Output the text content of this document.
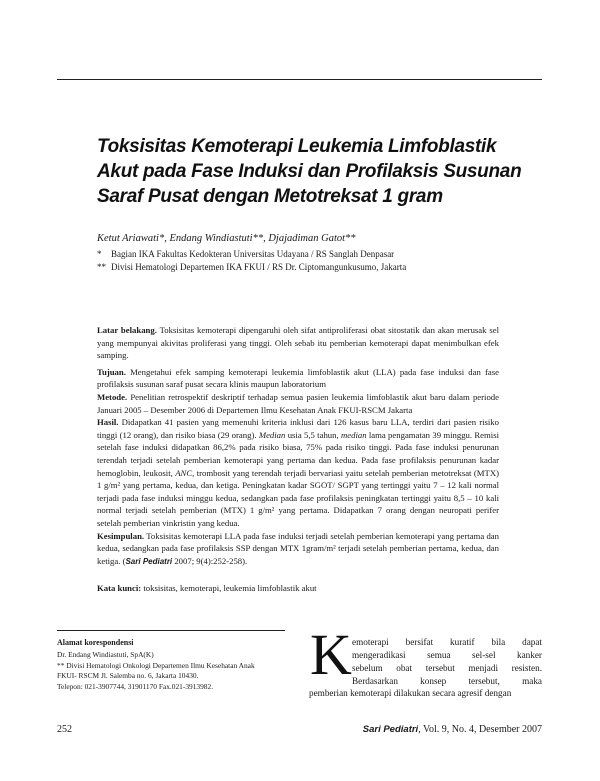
Toksisitas Kemoterapi Leukemia Limfoblastik
Akut pada Fase Induksi dan Profilaksis Susunan
Saraf Pusat dengan Metotreksat 1 gram
Ketut Ariawati*, Endang Windiastuti**, Djajadiman Gatot**
* Bagian IKA Fakultas Kedokteran Universitas Udayana / RS Sanglah Denpasar
** Divisi Hematologi Departemen IKA FKUI / RS Dr. Ciptomangunkusumo, Jakarta

Latar belakang. Toksisitas kemoterapi dipengaruhi oleh sifat antiproliferasi obat sitostatik dan akan merusak sel yang mempunyai akivitas proliferasi yang tinggi. Oleh sebab itu pemberian kemoterapi dapat menimbulkan efek samping.

Tujuan. Mengetahui efek samping kemoterapi leukemia limfoblastik akut (LLA) pada fase induksi dan fase profilaksis susunan saraf pusat secara klinis maupun laboratorium

Metode. Penelitian retrospektif deskriptif terhadap semua pasien leukemia limfoblastik akut baru dalam periode Januari 2005 – Desember 2006 di Departemen Ilmu Kesehatan Anak FKUI-RSCM Jakarta

Hasil. Didapatkan 41 pasien yang memenuhi kriteria inklusi dari 126 kasus baru LLA, terdiri dari pasien risiko tinggi (12 orang), dan risiko biasa (29 orang). Median usia 5,5 tahun, median lama pengamatan 39 minggu. Remisi setelah fase induksi didapatkan 86,2% pada risiko biasa, 75% pada risiko tinggi. Pada fase induksi penurunan terendah terjadi setelah pemberian kemoterapi yang pertama dan kedua. Pada fase profilaksis penurunan kadar hemoglobin, leukosit, ANC, trombosit yang terendah terjadi bervariasi yaitu setelah pemberian metotreksat (MTX) 1 g/m² yang pertama, kedua, dan ketiga. Peningkatan kadar SGOT/ SGPT yang tertinggi yaitu 7 – 12 kali normal terjadi pada fase induksi minggu kedua, sedangkan pada fase profilaksis peningkatan tertinggi yaitu 8,5 – 10 kali normal terjadi setelah pemberian (MTX) 1 g/m² yang pertama. Didapatkan 7 orang dengan neuropati perifer setelah pemberian vinkristin yang kedua.

Kesimpulan. Toksisitas kemoterapi LLA pada fase induksi terjadi setelah pemberian kemoterapi yang pertama dan kedua, sedangkan pada fase profilaksis SSP dengan MTX 1gram/m² terjadi setelah pemberian pertama, kedua, dan ketiga. (Sari Pediatri 2007; 9(4):252-258).

Kata kunci: toksisitas, kemoterapi, leukemia limfoblastik akut
Alamat korespondensi
Dr. Endang Windiastuti, SpA(K)
** Divisi Hematologi Onkologi Departemen Ilmu Kesehatan Anak
FKUI- RSCM Jl. Salemba no. 6, Jakarta 10430.
Telepon: 021-3907744, 31901170 Fax.021-3913982.	K emoterapi bersifat kuratif bila dapat
mengeradikasi semua sel-sel kanker
sebelum obat tersebut menjadi resisten.
Berdasarkan konsep tersebut, maka
pemberian kemoterapi dilakukan secara agresif dengan
252	Sari Pediatri, Vol. 9, No. 4, Desember 2007
